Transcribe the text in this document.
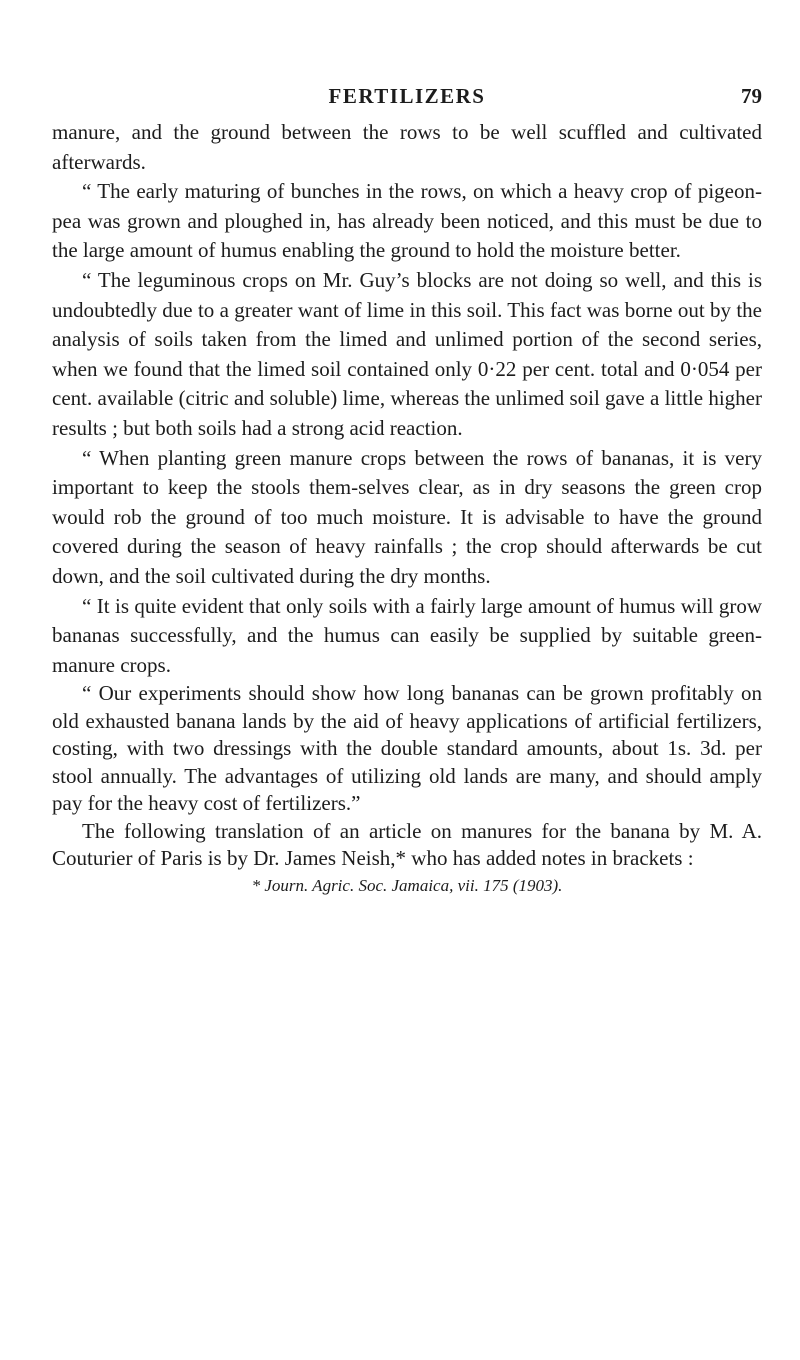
FERTILIZERS	79

manure, and the ground between the rows to be well scuffled and cultivated afterwards.

“ The early maturing of bunches in the rows, on which a heavy crop of pigeon-pea was grown and ploughed in, has already been noticed, and this must be due to the large amount of humus enabling the ground to hold the moisture better.

“ The leguminous crops on Mr. Guy’s blocks are not doing so well, and this is undoubtedly due to a greater want of lime in this soil. This fact was borne out by the analysis of soils taken from the limed and unlimed portion of the second series, when we found that the limed soil contained only 0·22 per cent. total and 0·054 per cent. available (citric and soluble) lime, whereas the unlimed soil gave a little higher results ; but both soils had a strong acid reaction.

“ When planting green manure crops between the rows of bananas, it is very important to keep the stools them-selves clear, as in dry seasons the green crop would rob the ground of too much moisture. It is advisable to have the ground covered during the season of heavy rainfalls ; the crop should afterwards be cut down, and the soil cultivated during the dry months.

“ It is quite evident that only soils with a fairly large amount of humus will grow bananas successfully, and the humus can easily be supplied by suitable green-manure crops.

“ Our experiments should show how long bananas can be grown profitably on old exhausted banana lands by the aid of heavy applications of artificial fertilizers, costing, with two dressings with the double standard amounts, about 1s. 3d. per stool annually. The advantages of utilizing old lands are many, and should amply pay for the heavy cost of fertilizers.”

The following translation of an article on manures for the banana by M. A. Couturier of Paris is by Dr. James Neish,* who has added notes in brackets :

* Journ. Agric. Soc. Jamaica, vii. 175 (1903).
